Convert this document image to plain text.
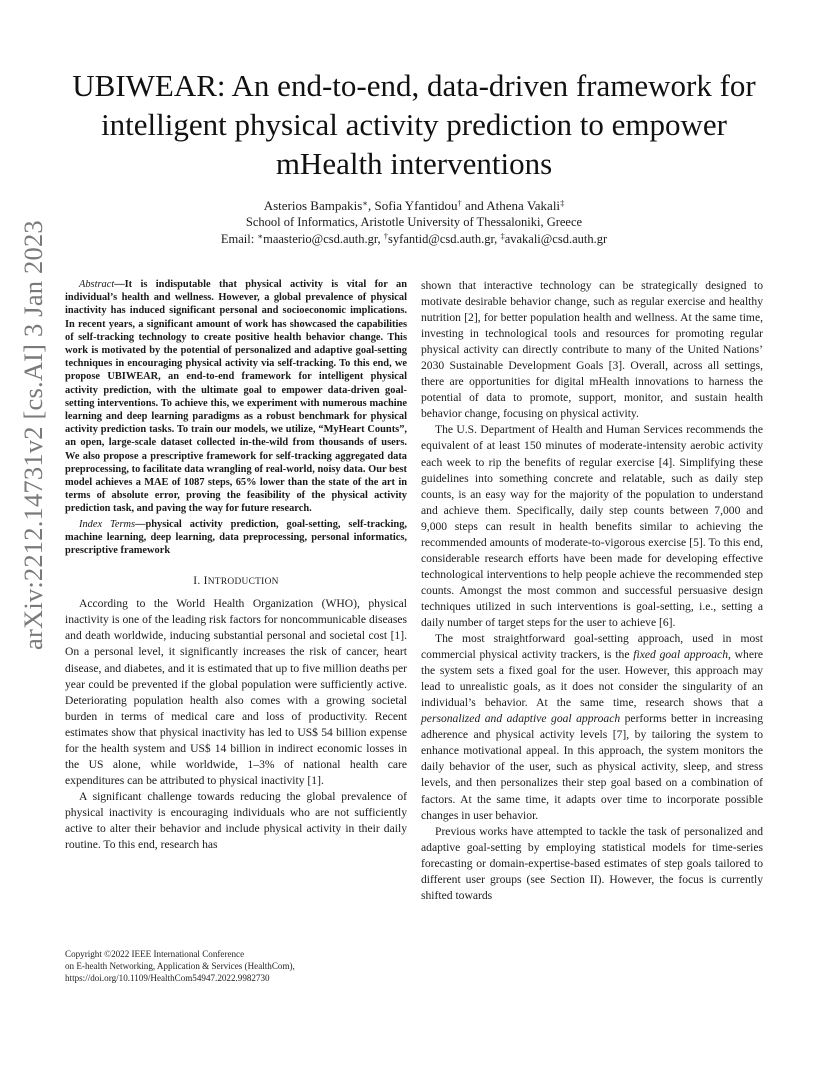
arXiv:2212.14731v2 [cs.AI] 3 Jan 2023
UBIWEAR: An end-to-end, data-driven framework for intelligent physical activity prediction to empower mHealth interventions
Asterios Bampakis∗, Sofia Yfantidou† and Athena Vakali‡
School of Informatics, Aristotle University of Thessaloniki, Greece
Email: ∗maasterio@csd.auth.gr, †syfantid@csd.auth.gr, ‡avakali@csd.auth.gr

Abstract—It is indisputable that physical activity is vital for an individual’s health and wellness. However, a global prevalence of physical inactivity has induced significant personal and socioeconomic implications. In recent years, a significant amount of work has showcased the capabilities of self-tracking technology to create positive health behavior change. This work is motivated by the potential of personalized and adaptive goal-setting techniques in encouraging physical activity via self-tracking. To this end, we propose UBIWEAR, an end-to-end framework for intelligent physical activity prediction, with the ultimate goal to empower data-driven goal-setting interventions. To achieve this, we experiment with numerous machine learning and deep learning paradigms as a robust benchmark for physical activity prediction tasks. To train our models, we utilize, “MyHeart Counts”, an open, large-scale dataset collected in-the-wild from thousands of users. We also propose a prescriptive framework for self-tracking aggregated data preprocessing, to facilitate data wrangling of real-world, noisy data. Our best model achieves a MAE of 1087 steps, 65% lower than the state of the art in terms of absolute error, proving the feasibility of the physical activity prediction task, and paving the way for future research.

Index Terms—physical activity prediction, goal-setting, self-tracking, machine learning, deep learning, data preprocessing, personal informatics, prescriptive framework

I. INTRODUCTION

According to the World Health Organization (WHO), physical inactivity is one of the leading risk factors for noncommunicable diseases and death worldwide, inducing substantial personal and societal cost [1]. On a personal level, it significantly increases the risk of cancer, heart disease, and diabetes, and it is estimated that up to five million deaths per year could be prevented if the global population were sufficiently active. Deteriorating population health also comes with a growing societal burden in terms of medical care and loss of productivity. Recent estimates show that physical inactivity has led to US$ 54 billion expense for the health system and US$ 14 billion in indirect economic losses in the US alone, while worldwide, 1–3% of national health care expenditures can be attributed to physical inactivity [1].

A significant challenge towards reducing the global prevalence of physical inactivity is encouraging individuals who are not sufficiently active to alter their behavior and include physical activity in their daily routine. To this end, research has

shown that interactive technology can be strategically designed to motivate desirable behavior change, such as regular exercise and healthy nutrition [2], for better population health and wellness. At the same time, investing in technological tools and resources for promoting regular physical activity can directly contribute to many of the United Nations’ 2030 Sustainable Development Goals [3]. Overall, across all settings, there are opportunities for digital mHealth innovations to harness the potential of data to promote, support, monitor, and sustain health behavior change, focusing on physical activity.

The U.S. Department of Health and Human Services recommends the equivalent of at least 150 minutes of moderate-intensity aerobic activity each week to rip the benefits of regular exercise [4]. Simplifying these guidelines into something concrete and relatable, such as daily step counts, is an easy way for the majority of the population to understand and achieve them. Specifically, daily step counts between 7,000 and 9,000 steps can result in health benefits similar to achieving the recommended amounts of moderate-to-vigorous exercise [5]. To this end, considerable research efforts have been made for developing effective technological interventions to help people achieve the recommended step counts. Amongst the most common and successful persuasive design techniques utilized in such interventions is goal-setting, i.e., setting a daily number of target steps for the user to achieve [6].

The most straightforward goal-setting approach, used in most commercial physical activity trackers, is the fixed goal approach, where the system sets a fixed goal for the user. However, this approach may lead to unrealistic goals, as it does not consider the singularity of an individual’s behavior. At the same time, research shows that a personalized and adaptive goal approach performs better in increasing adherence and physical activity levels [7], by tailoring the system to enhance motivational appeal. In this approach, the system monitors the daily behavior of the user, such as physical activity, sleep, and stress levels, and then personalizes their step goal based on a combination of factors. At the same time, it adapts over time to incorporate possible changes in user behavior.

Previous works have attempted to tackle the task of personalized and adaptive goal-setting by employing statistical models for time-series forecasting or domain-expertise-based estimates of step goals tailored to different user groups (see Section II). However, the focus is currently shifted towards

Copyright ©2022 IEEE International Conference
on E-health Networking, Application & Services (HealthCom),
https://doi.org/10.1109/HealthCom54947.2022.9982730
